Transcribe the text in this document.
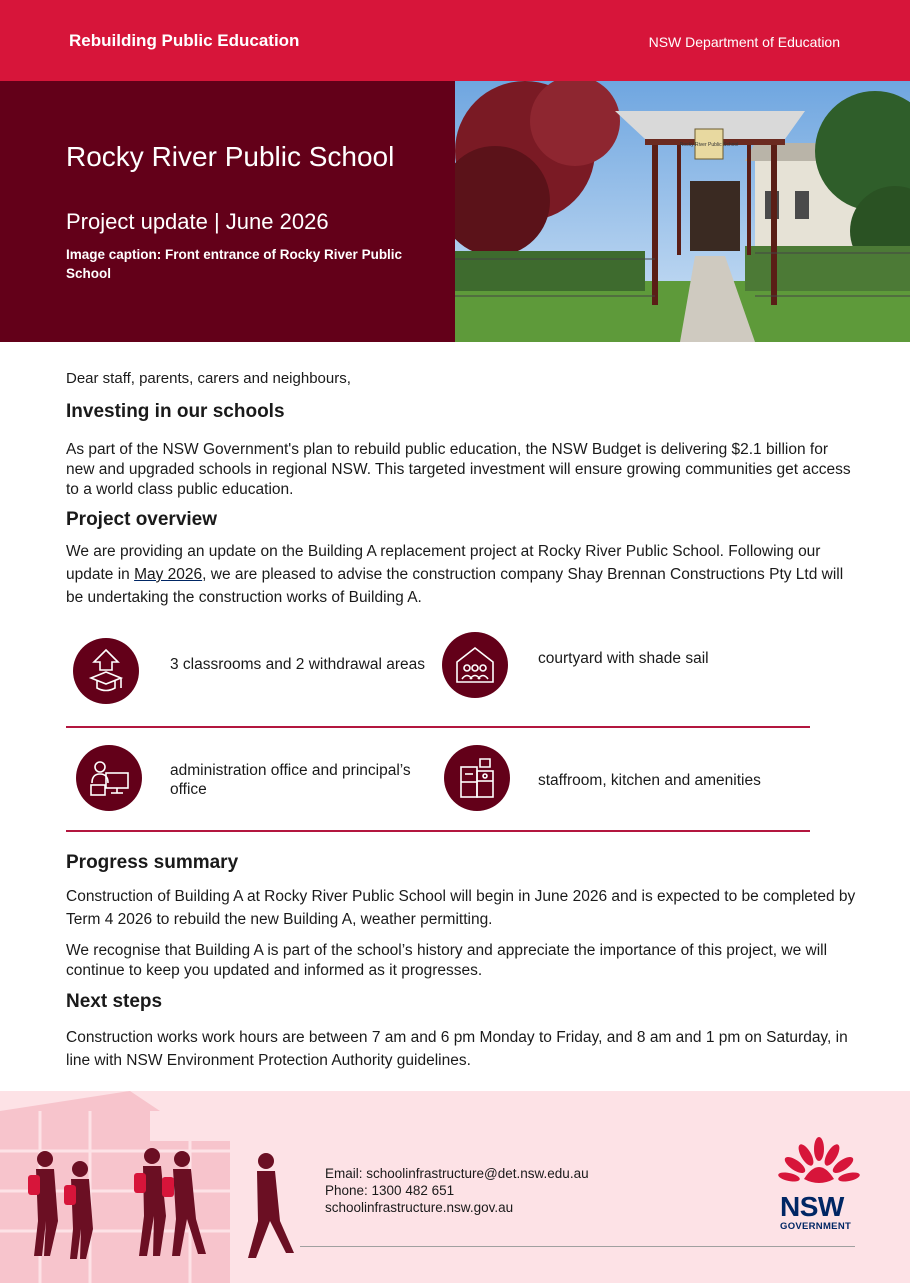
Rebuilding Public Education	NSW Department of Education
Rocky River Public School
Project update | June 2026
Image caption: Front entrance of Rocky River Public School
Rocky River Public School
Dear staff, parents, carers and neighbours,
Investing in our schools
As part of the NSW Government's plan to rebuild public education, the NSW Budget is delivering $2.1 billion for new and upgraded schools in regional NSW. This targeted investment will ensure growing communities get access to a world class public education.
Project overview
We are providing an update on the Building A replacement project at Rocky River Public School. Following our update in May 2026, we are pleased to advise the construction company Shay Brennan Constructions Pty Ltd will be undertaking the construction works of Building A.
3 classrooms and 2 withdrawal areas	courtyard with shade sail
administration office and principal’s office
staffroom, kitchen and amenities
Progress summary
Construction of Building A at Rocky River Public School will begin in June 2026 and is expected to be completed by Term 4 2026 to rebuild the new Building A, weather permitting.
We recognise that Building A is part of the school’s history and appreciate the importance of this project, we will continue to keep you updated and informed as it progresses.
Next steps
Construction works work hours are between 7 am and 6 pm Monday to Friday, and 8 am and 1 pm on Saturday, in line with NSW Environment Protection Authority guidelines.
Email: schoolinfrastructure@det.nsw.edu.au
Phone: 1300 482 651
schoolinfrastructure.nsw.gov.au	NSW
GOVERNMENT
